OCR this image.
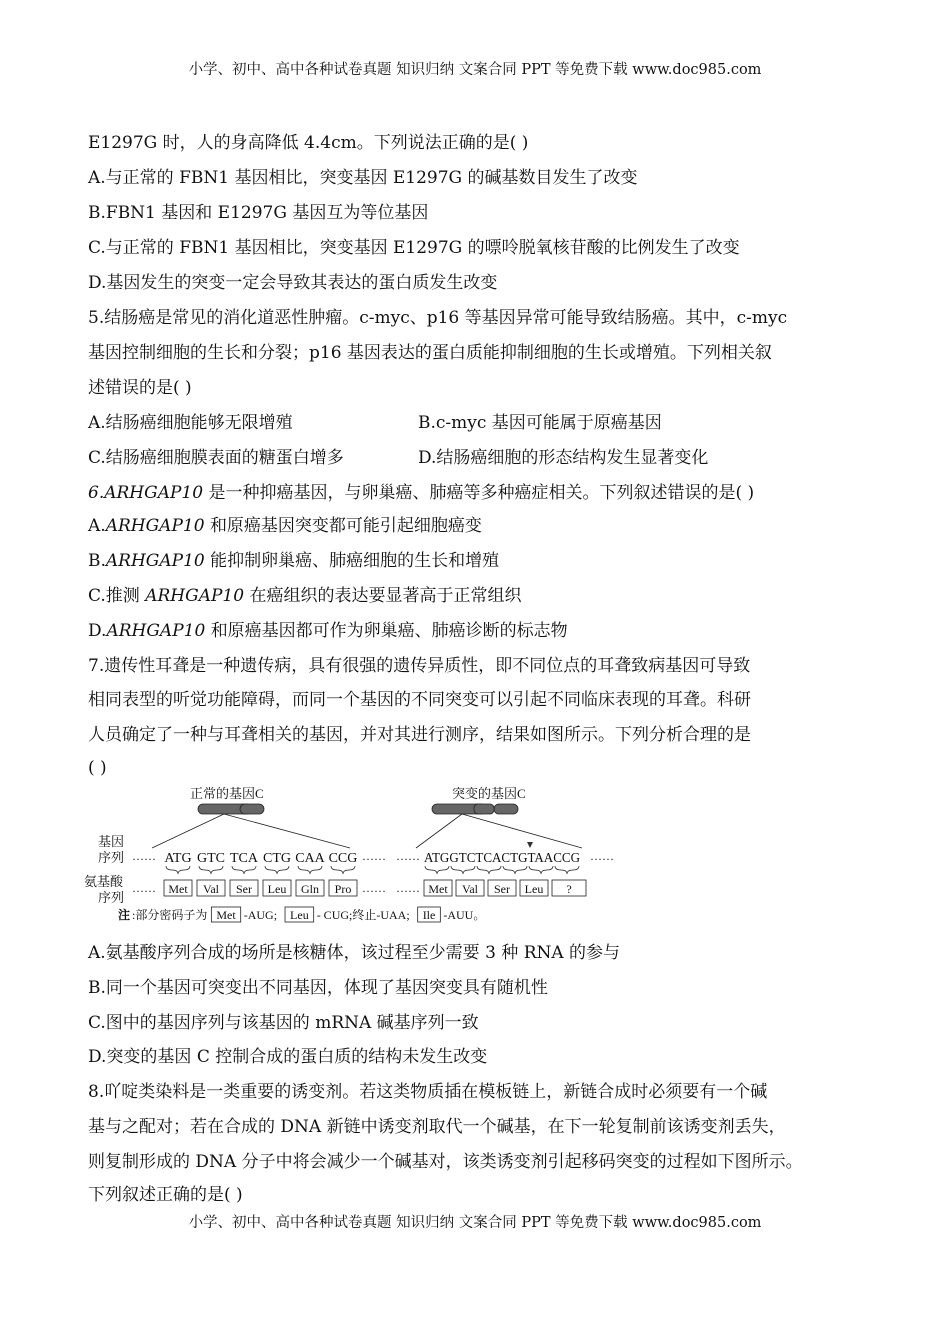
小学、初中、高中各种试卷真题 知识归纳 文案合同 PPT 等免费下载 www.doc985.com
E1297G 时，人的身高降低 4.4cm。下列说法正确的是( )
A.与正常的 FBN1 基因相比，突变基因 E1297G 的碱基数目发生了改变
B.FBN1 基因和 E1297G 基因互为等位基因
C.与正常的 FBN1 基因相比，突变基因 E1297G 的嘌呤脱氧核苷酸的比例发生了改变
D.基因发生的突变一定会导致其表达的蛋白质发生改变
5.结肠癌是常见的消化道恶性肿瘤。c-myc、p16 等基因异常可能导致结肠癌。其中，c-myc
基因控制细胞的生长和分裂；p16 基因表达的蛋白质能抑制细胞的生长或增殖。下列相关叙
述错误的是( )
A.结肠癌细胞能够无限增殖	B.c-myc 基因可能属于原癌基因
C.结肠癌细胞膜表面的糖蛋白增多	D.结肠癌细胞的形态结构发生显著变化
6.ARHGAP10 是一种抑癌基因，与卵巢癌、肺癌等多种癌症相关。下列叙述错误的是( )
A.ARHGAP10 和原癌基因突变都可能引起细胞癌变
B.ARHGAP10 能抑制卵巢癌、肺癌细胞的生长和增殖
C.推测 ARHGAP10 在癌组织的表达要显著高于正常组织
D.ARHGAP10 和原癌基因都可作为卵巢癌、肺癌诊断的标志物
7.遗传性耳聋是一种遗传病，具有很强的遗传异质性，即不同位点的耳聋致病基因可导致
相同表型的听觉功能障碍，而同一个基因的不同突变可以引起不同临床表现的耳聋。科研
人员确定了一种与耳聋相关的基因，并对其进行测序，结果如图所示。下列分析合理的是
( )
正常的基因C	突变的基因C
基因
序列
氨基酸
序列
…… ATG GTC TCA CTG CAA CCG …… …… ATGGTCTCACTGTAACCG ……
…… Met Val Ser Leu Gln Pro …… …… Met Val Ser Leu ?
注 :部分密码子为 Met -AUG; Leu - CUG;终止-UAA; Ile -AUU。
A.氨基酸序列合成的场所是核糖体，该过程至少需要 3 种 RNA 的参与
B.同一个基因可突变出不同基因，体现了基因突变具有随机性
C.图中的基因序列与该基因的 mRNA 碱基序列一致
D.突变的基因 C 控制合成的蛋白质的结构未发生改变
8.吖啶类染料是一类重要的诱变剂。若这类物质插在模板链上，新链合成时必须要有一个碱
基与之配对；若在合成的 DNA 新链中诱变剂取代一个碱基，在下一轮复制前该诱变剂丢失，
则复制形成的 DNA 分子中将会减少一个碱基对，该类诱变剂引起移码突变的过程如下图所示。
下列叙述正确的是( )
小学、初中、高中各种试卷真题 知识归纳 文案合同 PPT 等免费下载 www.doc985.com
